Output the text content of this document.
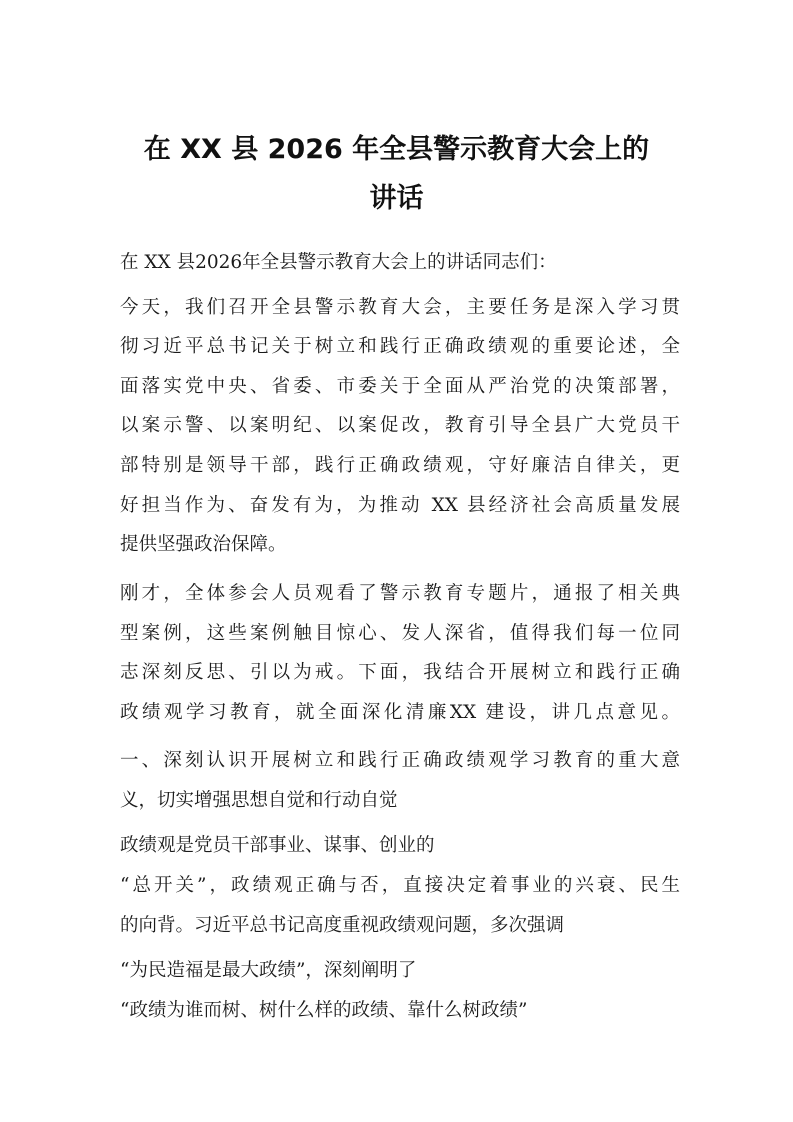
在 XX 县 2026 年全县警示教育大会上的
讲话
在 XX 县2026年全县警示教育大会上的讲话同志们：
今天，我们召开全县警示教育大会，主要任务是深入学习贯
彻习近平总书记关于树立和践行正确政绩观的重要论述，全
面落实党中央、省委、市委关于全面从严治党的决策部署，
以案示警、以案明纪、以案促改，教育引导全县广大党员干
部特别是领导干部，践行正确政绩观，守好廉洁自律关，更
好担当作为、奋发有为，为推动 XX 县经济社会高质量发展
提供坚强政治保障。
刚才，全体参会人员观看了警示教育专题片，通报了相关典
型案例，这些案例触目惊心、发人深省，值得我们每一位同
志深刻反思、引以为戒。下面，我结合开展树立和践行正确
政绩观学习教育，就全面深化清廉XX 建设，讲几点意见。
一、深刻认识开展树立和践行正确政绩观学习教育的重大意
义，切实增强思想自觉和行动自觉
政绩观是党员干部事业、谋事、创业的
“总开关”，政绩观正确与否，直接决定着事业的兴衰、民生
的向背。习近平总书记高度重视政绩观问题，多次强调
“为民造福是最大政绩”，深刻阐明了
“政绩为谁而树、树什么样的政绩、靠什么树政绩”
